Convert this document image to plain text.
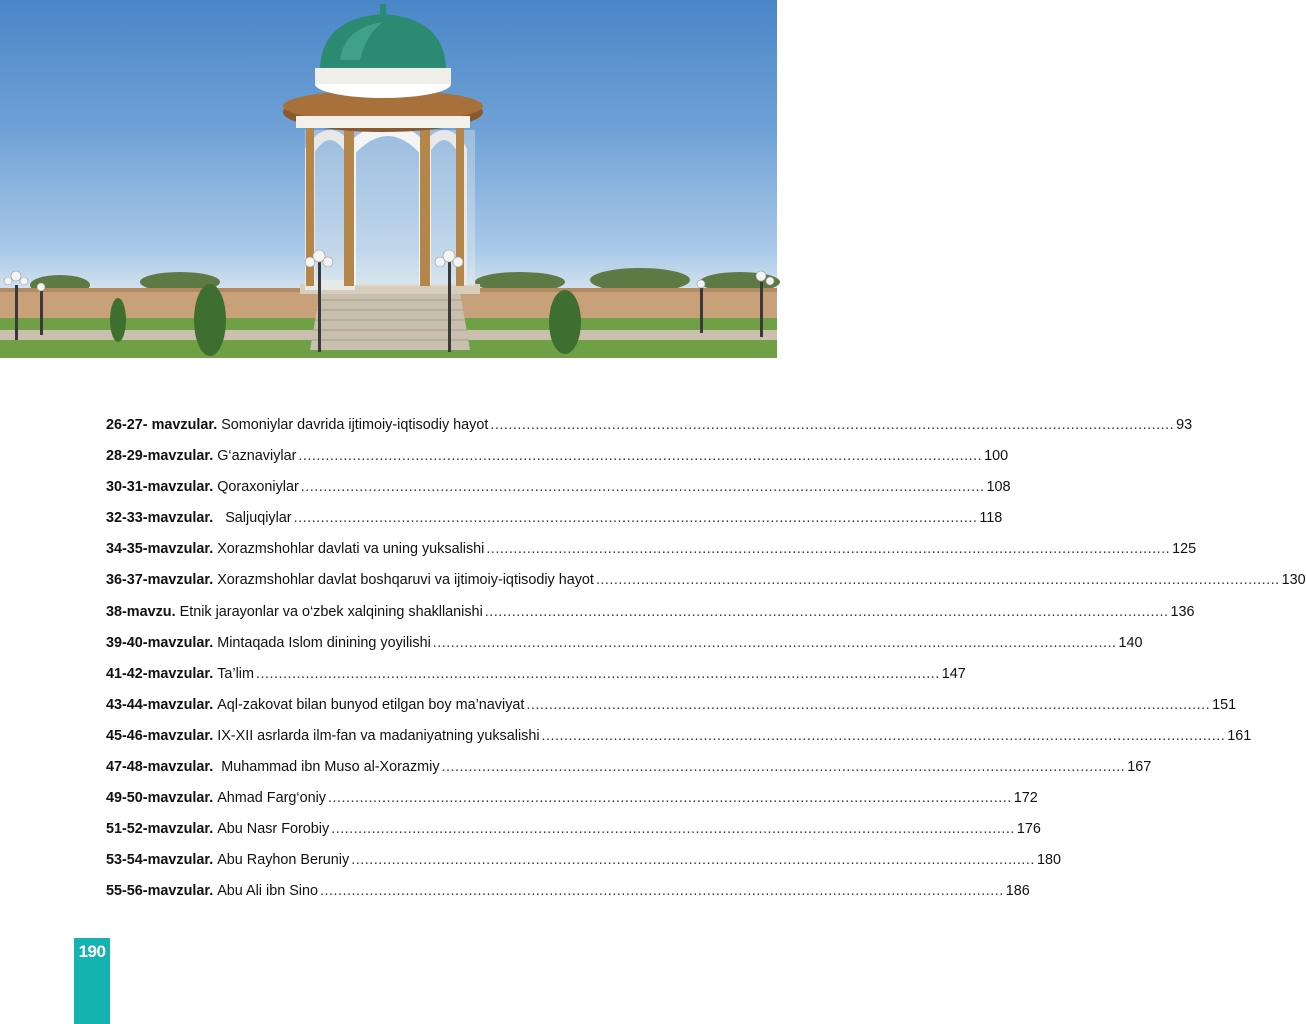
26-27- mavzular. Somoniylar davrida ijtimoiy-iqtisodiy hayot ........................................................................................................................................................ 93
28-29-mavzular. G‘aznaviylar ........................................................................................................................................................ 100
30-31-mavzular. Qoraxoniylar ........................................................................................................................................................ 108
32-33-mavzular. Saljuqiylar ........................................................................................................................................................ 118
34-35-mavzular. Xorazmshohlar davlati va uning yuksalishi ........................................................................................................................................................ 125
36-37-mavzular. Xorazmshohlar davlat boshqaruvi va ijtimoiy-iqtisodiy hayot ........................................................................................................................................................ 130
38-mavzu. Etnik jarayonlar va o‘zbek xalqining shakllanishi ........................................................................................................................................................ 136
39-40-mavzular. Mintaqada Islom dinining yoyilishi ........................................................................................................................................................ 140
41-42-mavzular. Ta’lim ........................................................................................................................................................ 147
43-44-mavzular. Aql-zakovat bilan bunyod etilgan boy ma’naviyat ........................................................................................................................................................ 151
45-46-mavzular. IX-XII asrlarda ilm-fan va madaniyatning yuksalishi ........................................................................................................................................................ 161
47-48-mavzular. Muhammad ibn Muso al-Xorazmiy ........................................................................................................................................................ 167
49-50-mavzular. Ahmad Farg‘oniy ........................................................................................................................................................ 172
51-52-mavzular. Abu Nasr Forobiy ........................................................................................................................................................ 176
53-54-mavzular. Abu Rayhon Beruniy ........................................................................................................................................................ 180
55-56-mavzular. Abu Ali ibn Sino ........................................................................................................................................................ 186
190
